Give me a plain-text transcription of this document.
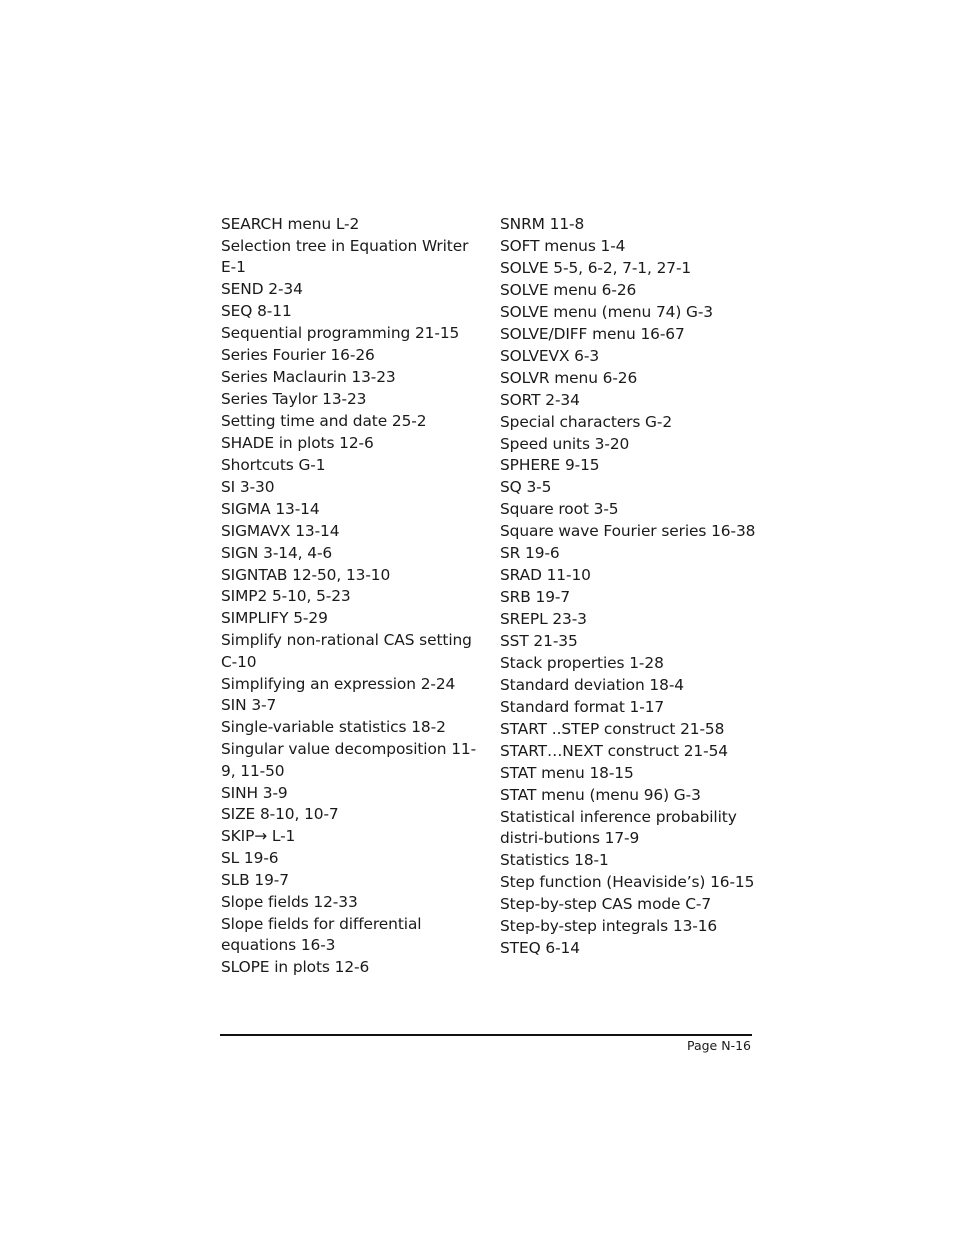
SEARCH menu L-2
Selection tree in Equation Writer E-1
SEND 2-34
SEQ 8-11
Sequential programming 21-15
Series Fourier 16-26
Series Maclaurin 13-23
Series Taylor 13-23
Setting time and date 25-2
SHADE in plots 12-6
Shortcuts G-1
SI 3-30
SIGMA 13-14
SIGMAVX 13-14
SIGN 3-14, 4-6
SIGNTAB 12-50, 13-10
SIMP2 5-10, 5-23
SIMPLIFY 5-29
Simplify non-rational CAS setting C-10
Simplifying an expression 2-24
SIN 3-7
Single-variable statistics 18-2
Singular value decomposition 11-9, 11-50
SINH 3-9
SIZE 8-10, 10-7
SKIP→ L-1
SL 19-6
SLB 19-7
Slope fields 12-33
Slope fields for differential equations 16-3
SLOPE in plots 12-6
SNRM 11-8
SOFT menus 1-4
SOLVE 5-5, 6-2, 7-1, 27-1
SOLVE menu 6-26
SOLVE menu (menu 74) G-3
SOLVE/DIFF menu 16-67
SOLVEVX 6-3
SOLVR menu 6-26
SORT 2-34
Special characters G-2
Speed units 3-20
SPHERE 9-15
SQ 3-5
Square root 3-5
Square wave Fourier series 16-38
SR 19-6
SRAD 11-10
SRB 19-7
SREPL 23-3
SST 21-35
Stack properties 1-28
Standard deviation 18-4
Standard format 1-17
START ..STEP construct 21-58
START…NEXT construct 21-54
STAT menu 18-15
STAT menu (menu 96) G-3
Statistical inference probability distri-butions 17-9
Statistics 18-1
Step function (Heaviside’s) 16-15
Step-by-step CAS mode C-7
Step-by-step integrals 13-16
STEQ 6-14
Page N-16
